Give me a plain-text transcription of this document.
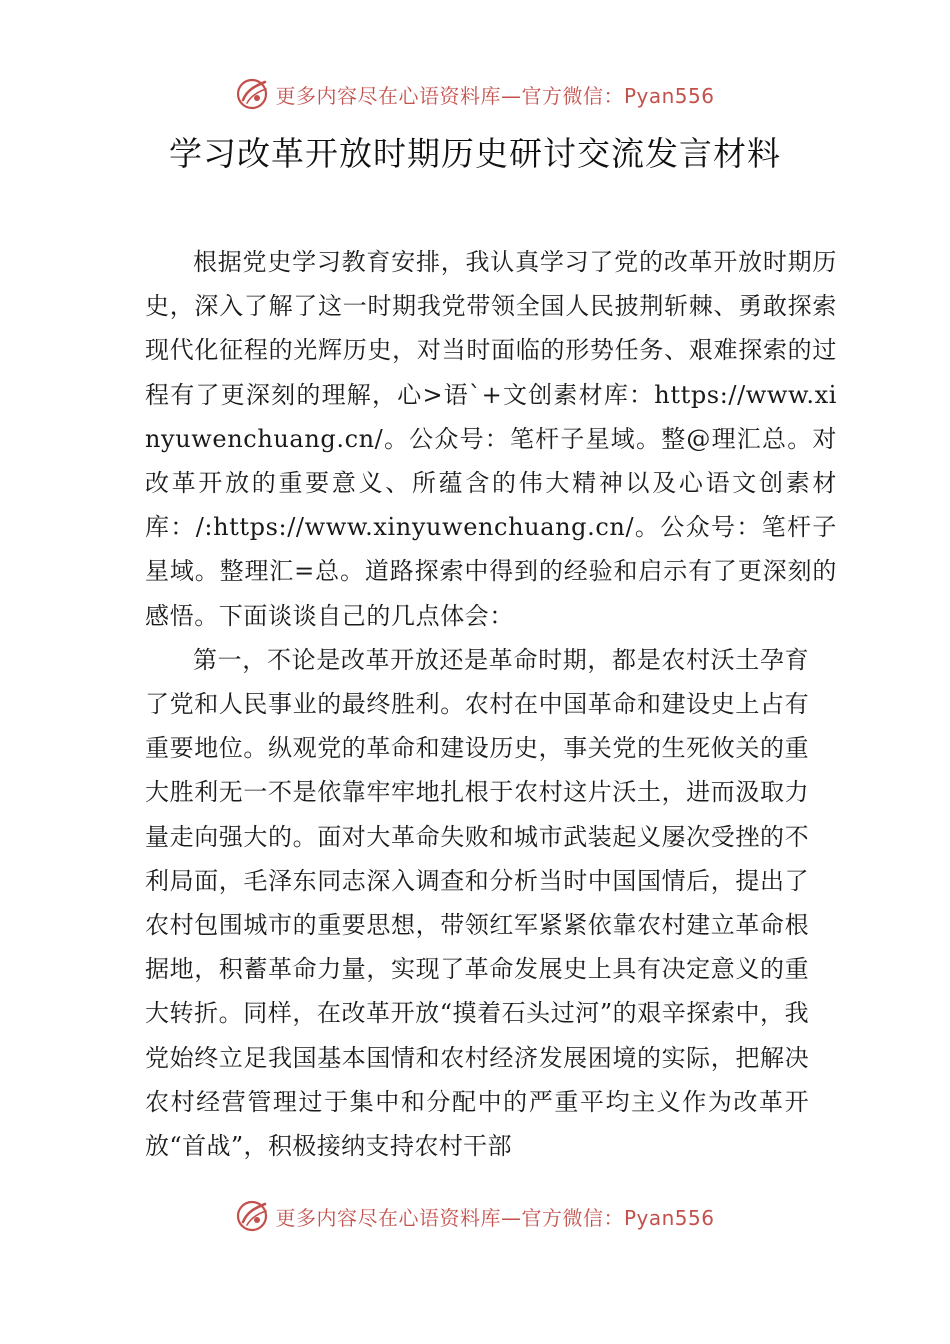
更多内容尽在心语资料库—官方微信：Pyan556
学习改革开放时期历史研讨交流发言材料

根据党史学习教育安排，我认真学习了党的改革开放时期历史，深入了解了这一时期我党带领全国人民披荆斩棘、勇敢探索现代化征程的光辉历史，对当时面临的形势任务、艰难探索的过程有了更深刻的理解，心>语`+文创素材库：https://www.xinyuwenchuang.cn/。公众号：笔杆子星域。整@理汇总。对改革开放的重要意义、所蕴含的伟大精神以及心语文创素材库：/:https://www.xinyuwenchuang.cn/。公众号：笔杆子星域。整理汇=总。道路探索中得到的经验和启示有了更深刻的感悟。下面谈谈自己的几点体会：

第一，不论是改革开放还是革命时期，都是农村沃土孕育了党和人民事业的最终胜利。农村在中国革命和建设史上占有重要地位。纵观党的革命和建设历史，事关党的生死攸关的重大胜利无一不是依靠牢牢地扎根于农村这片沃土，进而汲取力量走向强大的。面对大革命失败和城市武装起义屡次受挫的不利局面，毛泽东同志深入调查和分析当时中国国情后，提出了农村包围城市的重要思想，带领红军紧紧依靠农村建立革命根据地，积蓄革命力量，实现了革命发展史上具有决定意义的重大转折。同样，在改革开放“摸着石头过河”的艰辛探索中，我党始终立足我国基本国情和农村经济发展困境的实际，把解决农村经营管理过于集中和分配中的严重平均主义作为改革开放“首战”，积极接纳支持农村干部

更多内容尽在心语资料库—官方微信：Pyan556
